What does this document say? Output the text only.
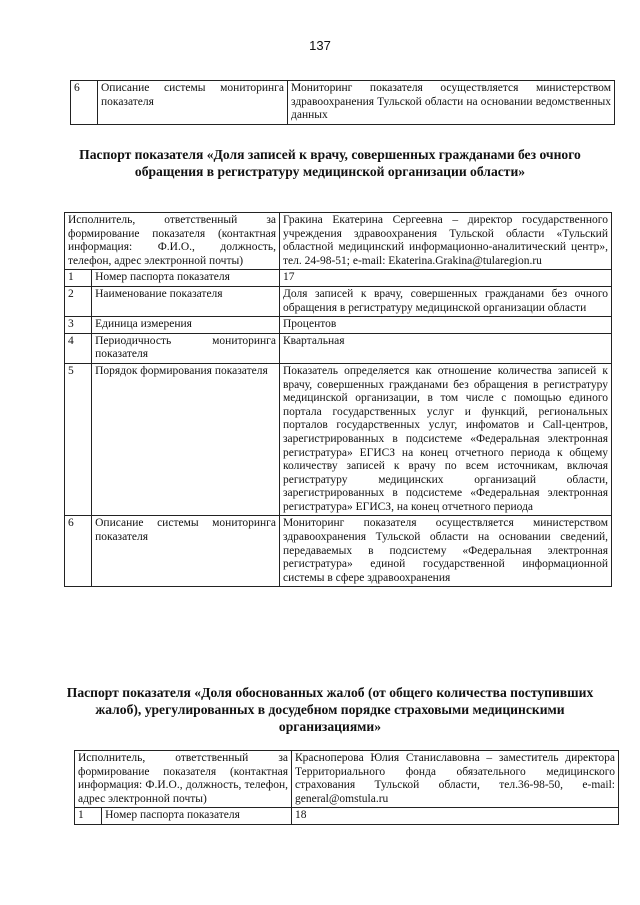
137
6	Описание системы мониторинга показателя	Мониторинг показателя осуществляется министерством здравоохранения Тульской области на основании ведомственных данных
Паспорт показателя «Доля записей к врачу, совершенных гражданами без очного обращения в регистратуру медицинской организации области»
Исполнитель, ответственный за формирование показателя (контактная информация: Ф.И.О., должность, телефон, адрес электронной почты)		Гракина Екатерина Сергеевна – директор государственного учреждения здравоохранения Тульской области «Тульский областной медицинский информационно-аналитический центр», тел. 24-98-51; e-mail: Ekaterina.Grakina@tularegion.ru
1	Номер паспорта показателя	17
2	Наименование показателя	Доля записей к врачу, совершенных гражданами без очного обращения в регистратуру медицинской организации области
3	Единица измерения	Процентов
4	Периодичность мониторинга показателя	Квартальная
5	Порядок формирования показателя	Показатель определяется как отношение количества записей к врачу, совершенных гражданами без обращения в регистратуру медицинской организации, в том числе с помощью единого портала государственных услуг и функций, региональных порталов государственных услуг, инфоматов и Call-центров, зарегистрированных в подсистеме «Федеральная электронная регистратура» ЕГИСЗ на конец отчетного периода к общему количеству записей к врачу по всем источникам, включая регистратуру медицинских организаций области, зарегистрированных в подсистеме «Федеральная электронная регистратура» ЕГИСЗ, на конец отчетного периода
6	Описание системы мониторинга показателя	Мониторинг показателя осуществляется министерством здравоохранения Тульской области на основании сведений, передаваемых в подсистему «Федеральная электронная регистратура» единой государственной информационной системы в сфере здравоохранения
Паспорт показателя «Доля обоснованных жалоб (от общего количества поступивших жалоб), урегулированных в досудебном порядке страховыми медицинскими организациями»
Исполнитель, ответственный за формирование показателя (контактная информация: Ф.И.О., должность, телефон, адрес электронной почты)		Красноперова Юлия Станиславовна – заместитель директора Территориального фонда обязательного медицинского страхования Тульской области, тел.36-98-50, e-mail: general@omstula.ru
1	Номер паспорта показателя	18
